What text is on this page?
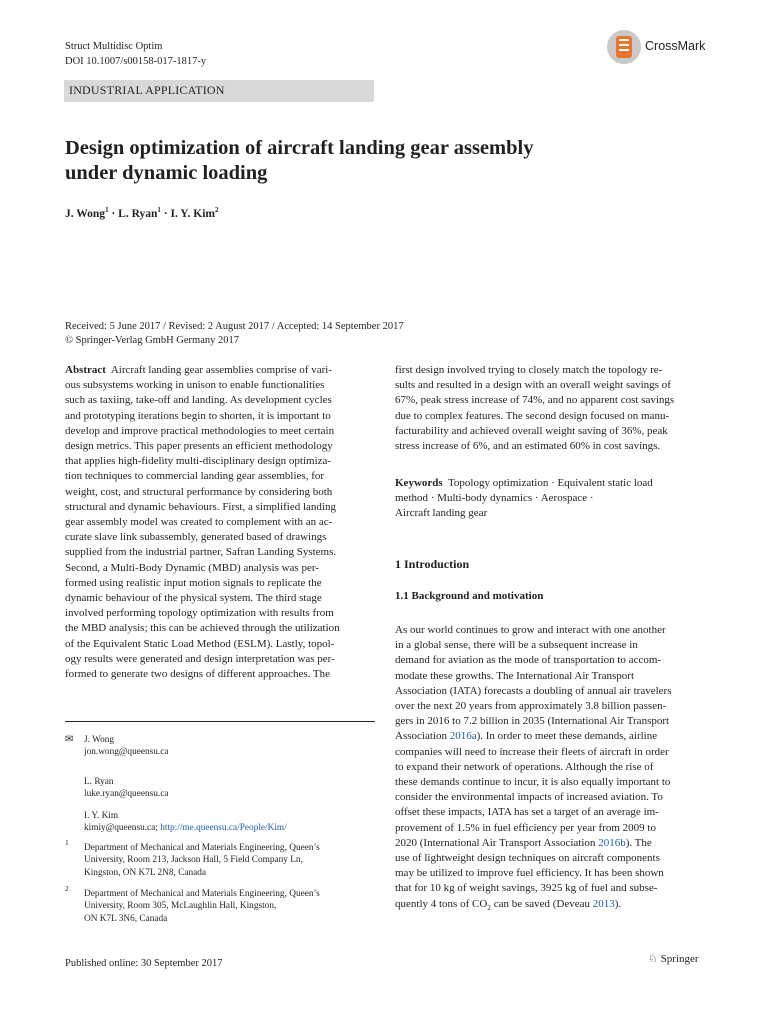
Struct Multidisc Optim
DOI 10.1007/s00158-017-1817-y
INDUSTRIAL APPLICATION
CrossMark
Design optimization of aircraft landing gear assembly
under dynamic loading
J. Wong$^1$ · L. Ryan$^1$ · I. Y. Kim$^2$
Received: 5 June 2017 / Revised: 2 August 2017 / Accepted: 14 September 2017
© Springer-Verlag GmbH Germany 2017
Abstract Aircraft landing gear assemblies comprise of vari-
ous subsystems working in unison to enable functionalities
such as taxiing, take-off and landing. As development cycles
and prototyping iterations begin to shorten, it is important to
develop and improve practical methodologies to meet certain
design metrics. This paper presents an efficient methodology
that applies high-fidelity multi-disciplinary design optimiza-
tion techniques to commercial landing gear assemblies, for
weight, cost, and structural performance by considering both
structural and dynamic behaviours. First, a simplified landing
gear assembly model was created to complement with an ac-
curate slave link subassembly, generated based of drawings
supplied from the industrial partner, Safran Landing Systems.
Second, a Multi-Body Dynamic (MBD) analysis was per-
formed using realistic input motion signals to replicate the
dynamic behaviour of the physical system. The third stage
involved performing topology optimization with results from
the MBD analysis; this can be achieved through the utilization
of the Equivalent Static Load Method (ESLM). Lastly, topol-
ogy results were generated and design interpretation was per-
formed to generate two designs of different approaches. The
first design involved trying to closely match the topology re-
sults and resulted in a design with an overall weight savings of
67%, peak stress increase of 74%, and no apparent cost savings
due to complex features. The second design focused on manu-
facturability and achieved overall weight saving of 36%, peak
stress increase of 6%, and an estimated 60% in cost savings.
Keywords Topology optimization · Equivalent static load
method · Multi-body dynamics · Aerospace ·
Aircraft landing gear
1 Introduction
1.1 Background and motivation
As our world continues to grow and interact with one another
in a global sense, there will be a subsequent increase in
demand for aviation as the mode of transportation to accom-
modate these growths. The International Air Transport
Association (IATA) forecasts a doubling of annual air travelers
over the next 20 years from approximately 3.8 billion passen-
gers in 2016 to 7.2 billion in 2035 (International Air Transport
Association 2016a). In order to meet these demands, airline
companies will need to increase their fleets of aircraft in order
to expand their network of operations. Although the rise of
these demands continue to incur, it is also equally important to
consider the environmental impacts of increased aviation. To
offset these impacts, IATA has set a target of an average im-
provement of 1.5% in fuel efficiency per year from 2009 to
2020 (International Air Transport Association 2016b). The
use of lightweight design techniques on aircraft components
may be utilized to improve fuel efficiency. It has been shown
that for 10 kg of weight savings, 3925 kg of fuel and subse-
quently 4 tons of $CO_2$ can be saved (Deveau 2013).
✉ J. Wong
jon.wong@queensu.ca
L. Ryan
luke.ryan@queensu.ca
I. Y. Kim
kimiy@queensu.ca; http://me.queensu.ca/People/Kim/
1
Department of Mechanical and Materials Engineering, Queen’s
University, Room 213, Jackson Hall, 5 Field Company Ln,
Kingston, ON K7L 2N8, Canada
2
Department of Mechanical and Materials Engineering, Queen’s
University, Room 305, McLaughlin Hall, Kingston,
ON K7L 3N6, Canada
Published online: 30 September 2017	♘ Springer
